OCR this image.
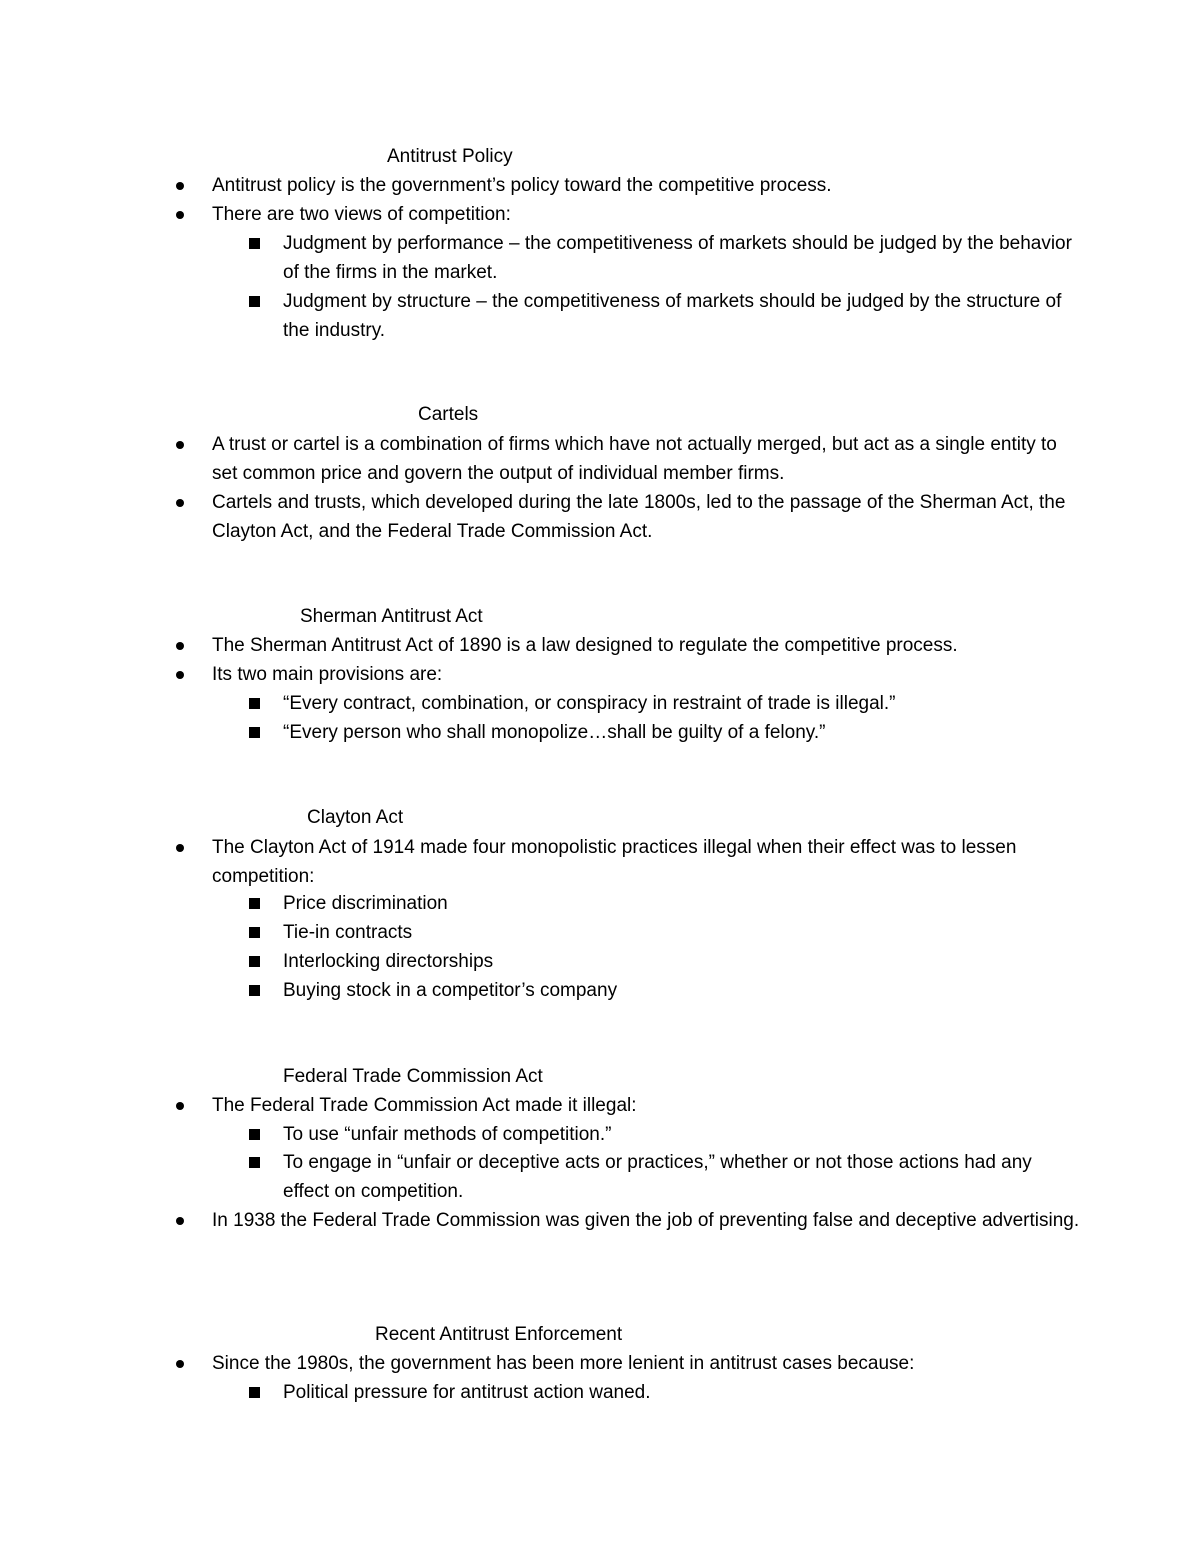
Antitrust Policy
Antitrust policy is the government’s policy toward the competitive process.
There are two views of competition:
Judgment by performance – the competitiveness of markets should be judged by the behavior of the firms in the market.
Judgment by structure – the competitiveness of markets should be judged by the structure of the industry.
Cartels
A trust or cartel is a combination of firms which have not actually merged, but act as a single entity to set common price and govern the output of individual member firms.
Cartels and trusts, which developed during the late 1800s, led to the passage of the Sherman Act, the Clayton Act, and the Federal Trade Commission Act.
Sherman Antitrust Act
The Sherman Antitrust Act of 1890 is a law designed to regulate the competitive process.
Its two main provisions are:
“Every contract, combination, or conspiracy in restraint of trade is illegal.”
“Every person who shall monopolize…shall be guilty of a felony.”
Clayton Act
The Clayton Act of 1914 made four monopolistic practices illegal when their effect was to lessen competition:
Price discrimination
Tie-in contracts
Interlocking directorships
Buying stock in a competitor’s company
Federal Trade Commission Act
The Federal Trade Commission Act made it illegal:
To use “unfair methods of competition.”
To engage in “unfair or deceptive acts or practices,” whether or not those actions had any effect on competition.
In 1938 the Federal Trade Commission was given the job of preventing false and deceptive advertising.
Recent Antitrust Enforcement
Since the 1980s, the government has been more lenient in antitrust cases because:
Political pressure for antitrust action waned.
